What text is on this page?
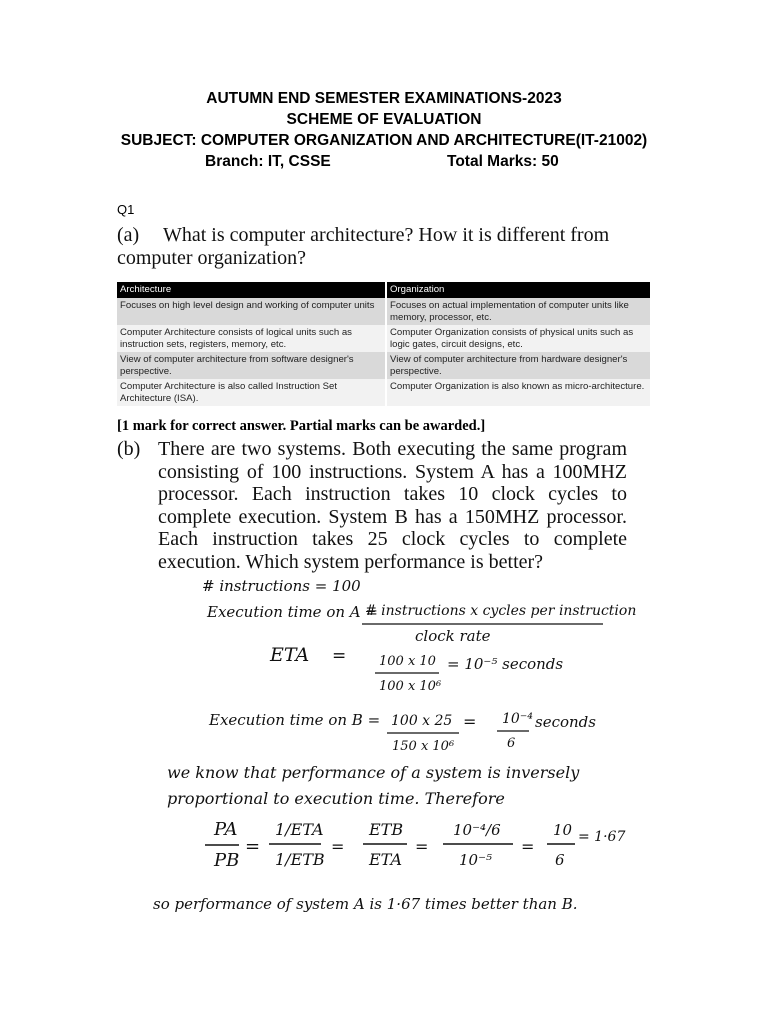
AUTUMN END SEMESTER EXAMINATIONS-2023
SCHEME OF EVALUATION
SUBJECT: COMPUTER ORGANIZATION AND ARCHITECTURE(IT-21002)
Branch: IT, CSSE	Total Marks: 50
Q1
(a) What is computer architecture? How it is different from computer organization?
Architecture	Organization
Focuses on high level design and working of computer units	Focuses on actual implementation of computer units like memory, processor, etc.
Computer Architecture consists of logical units such as instruction sets, registers, memory, etc.	Computer Organization consists of physical units such as logic gates, circuit designs, etc.
View of computer architecture from software designer's perspective.	View of computer architecture from hardware designer's perspective.
Computer Architecture is also called Instruction Set Architecture (ISA).	Computer Organization is also known as micro-architecture.
[1 mark for correct answer. Partial marks can be awarded.]
(b) There are two systems. Both executing the same program consisting of 100 instructions. System A has a 100MHZ processor. Each instruction takes 10 clock cycles to complete execution. System B has a 150MHZ processor. Each instruction takes 25 clock cycles to complete execution. Which system performance is better?
# instructions = 100
Execution time on A =
# instructions x cycles per instruction
clock rate
ETA =	100 x 10
100 x 10⁶
= 10⁻⁵ seconds
Execution time on B = 100 x 25
150 x 10⁶
= 10⁻⁴
6
seconds
we know that performance of a system is inversely
proportional to execution time. Therefore
PA
PB
=
1/ETA
1/ETB
=
ETB
ETA
=
10⁻⁴/6
10⁻⁵
=
10
6
= 1·67
so performance of system A is 1·67 times better than B.
